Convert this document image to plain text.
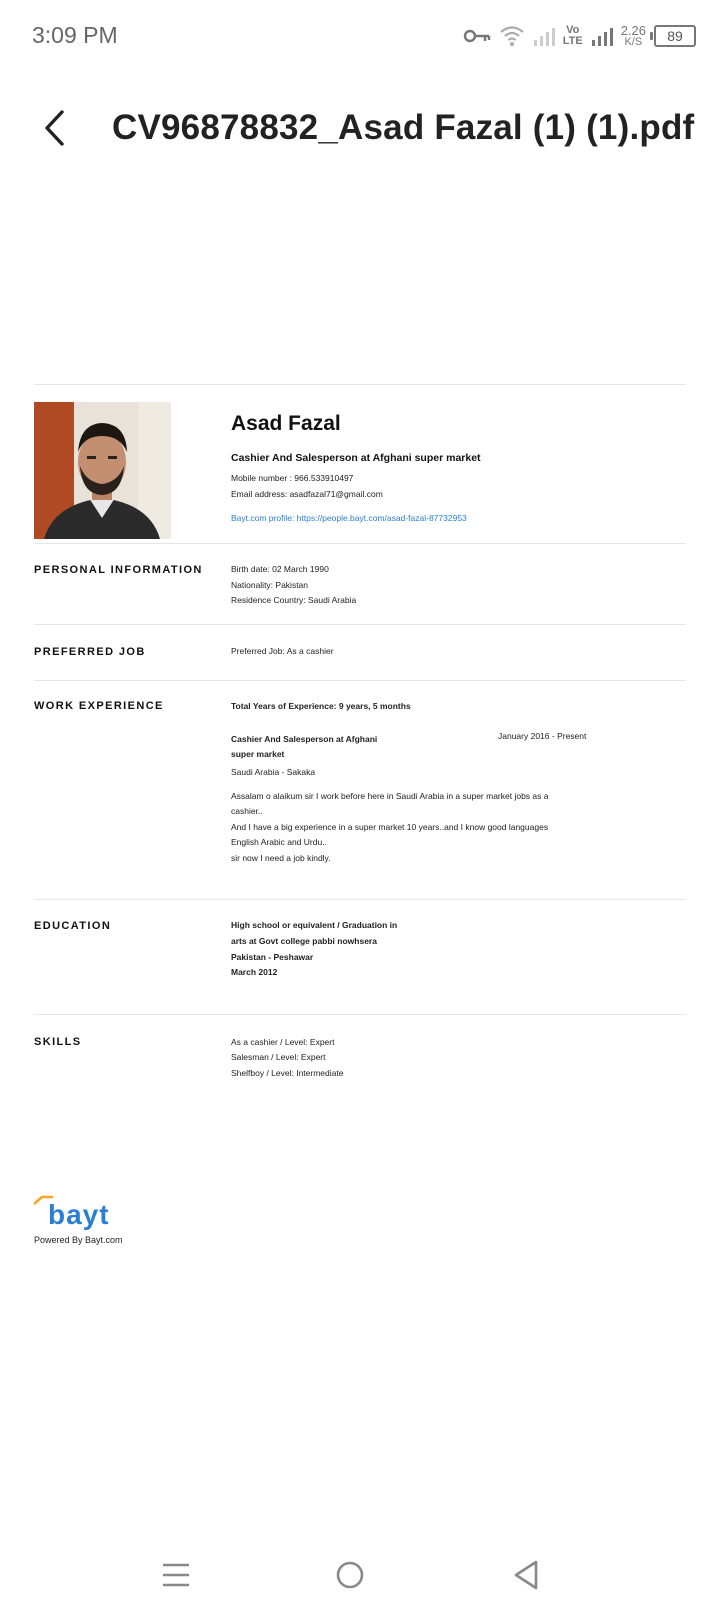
3:09 PM	Vo
LTE
2.26
K/S	89
CV96878832_Asad Fazal (1) (1).pdf
Asad Fazal
Cashier And Salesperson at Afghani super market
Mobile number : 966.533910497
Email address: asadfazal71@gmail.com
Bayt.com profile: https://people.bayt.com/asad-fazal-87732953
PERSONAL INFORMATION	Birth date: 02 March 1990
Nationality: Pakistan
Residence Country: Saudi Arabia
PREFERRED JOB	Preferred Job: As a cashier
WORK EXPERIENCE	Total Years of Experience: 9 years, 5 months
Cashier And Salesperson at Afghani	January 2016 - Present
super market
Saudi Arabia - Sakaka
Assalam o alaikum sir I work before here in Saudi Arabia in a super market jobs as a
cashier..
And I have a big experience in a super market 10 years..and I know good languages
English Arabic and Urdu..
sir now I need a job kindly.
EDUCATION	High school or equivalent / Graduation in
arts at Govt college pabbi nowhsera
Pakistan - Peshawar
March 2012
SKILLS	As a cashier / Level: Expert
Salesman / Level: Expert
Shelfboy / Level: Intermediate
bayt
Powered By Bayt.com
